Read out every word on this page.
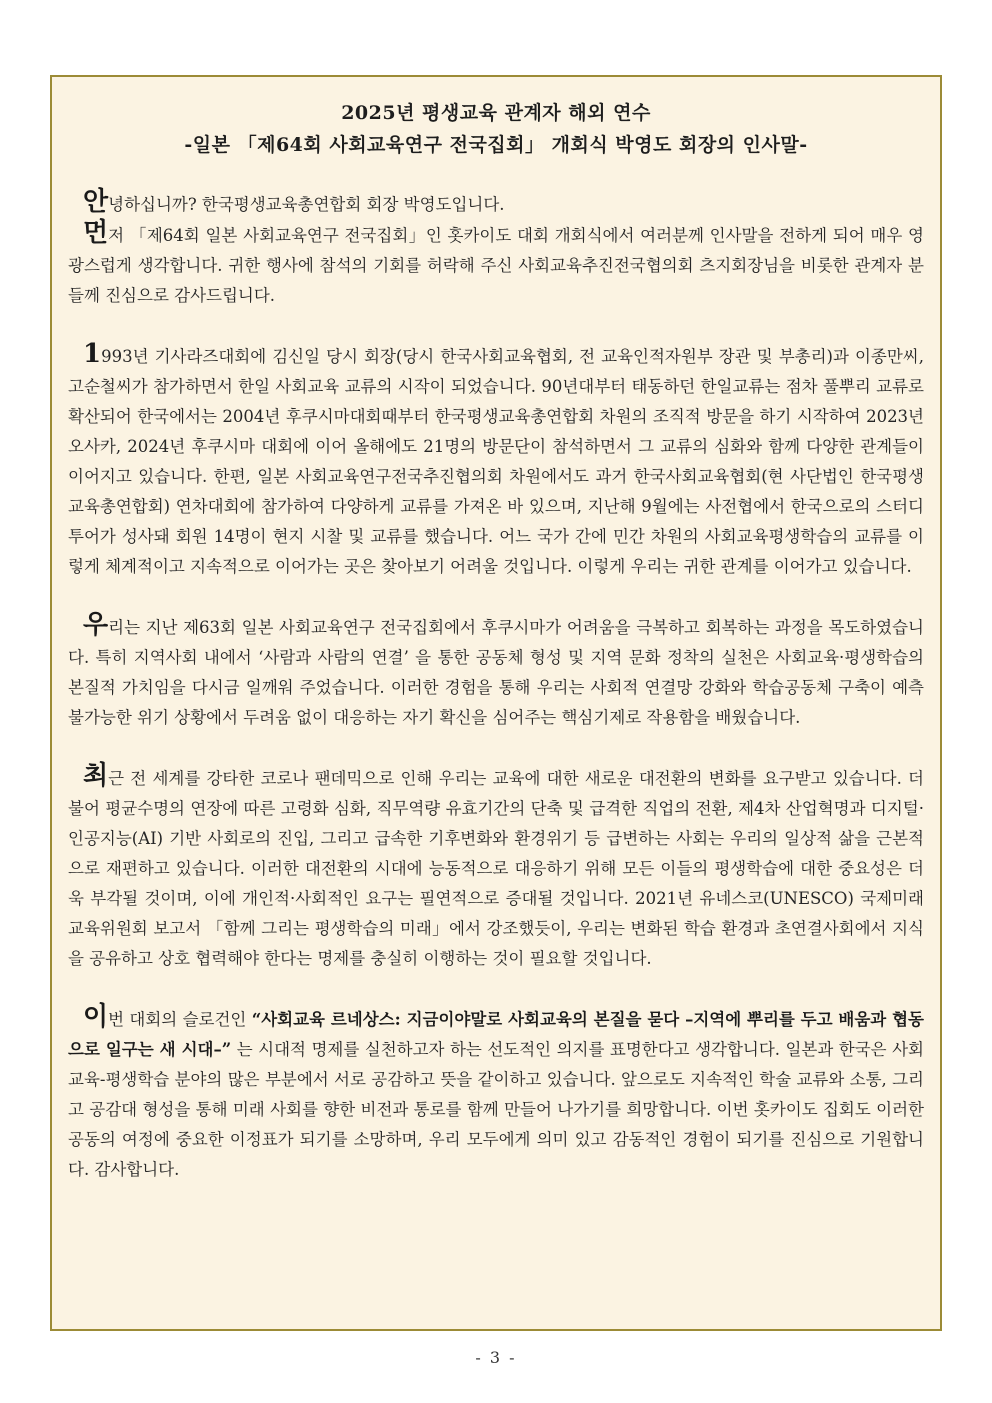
2025년 평생교육 관계자 해외 연수
-일본 「제64회 사회교육연구 전국집회」 개회식 박영도 회장의 인사말-

안녕하십니까? 한국평생교육총연합회 회장 박영도입니다.

먼저 「제64회 일본 사회교육연구 전국집회」인 홋카이도 대회 개회식에서 여러분께 인사말을 전하게 되어 매우 영광스럽게 생각합니다. 귀한 행사에 참석의 기회를 허락해 주신 사회교육추진전국협의회 츠지회장님을 비롯한 관계자 분들께 진심으로 감사드립니다.

1993년 기사라즈대회에 김신일 당시 회장(당시 한국사회교육협회, 전 교육인적자원부 장관 및 부총리)과 이종만씨, 고순철씨가 참가하면서 한일 사회교육 교류의 시작이 되었습니다. 90년대부터 태동하던 한일교류는 점차 풀뿌리 교류로 확산되어 한국에서는 2004년 후쿠시마대회때부터 한국평생교육총연합회 차원의 조직적 방문을 하기 시작하여 2023년 오사카, 2024년 후쿠시마 대회에 이어 올해에도 21명의 방문단이 참석하면서 그 교류의 심화와 함께 다양한 관계들이 이어지고 있습니다. 한편, 일본 사회교육연구전국추진협의회 차원에서도 과거 한국사회교육협회(현 사단법인 한국평생교육총연합회) 연차대회에 참가하여 다양하게 교류를 가져온 바 있으며, 지난해 9월에는 사전협에서 한국으로의 스터디투어가 성사돼 회원 14명이 현지 시찰 및 교류를 했습니다. 어느 국가 간에 민간 차원의 사회교육평생학습의 교류를 이렇게 체계적이고 지속적으로 이어가는 곳은 찾아보기 어려울 것입니다. 이렇게 우리는 귀한 관계를 이어가고 있습니다.

우리는 지난 제63회 일본 사회교육연구 전국집회에서 후쿠시마가 어려움을 극복하고 회복하는 과정을 목도하였습니다. 특히 지역사회 내에서 ‘사람과 사람의 연결’ 을 통한 공동체 형성 및 지역 문화 정착의 실천은 사회교육·평생학습의 본질적 가치임을 다시금 일깨워 주었습니다. 이러한 경험을 통해 우리는 사회적 연결망 강화와 학습공동체 구축이 예측 불가능한 위기 상황에서 두려움 없이 대응하는 자기 확신을 심어주는 핵심기제로 작용함을 배웠습니다.

최근 전 세계를 강타한 코로나 팬데믹으로 인해 우리는 교육에 대한 새로운 대전환의 변화를 요구받고 있습니다. 더불어 평균수명의 연장에 따른 고령화 심화, 직무역량 유효기간의 단축 및 급격한 직업의 전환, 제4차 산업혁명과 디지털·인공지능(AI) 기반 사회로의 진입, 그리고 급속한 기후변화와 환경위기 등 급변하는 사회는 우리의 일상적 삶을 근본적으로 재편하고 있습니다. 이러한 대전환의 시대에 능동적으로 대응하기 위해 모든 이들의 평생학습에 대한 중요성은 더욱 부각될 것이며, 이에 개인적·사회적인 요구는 필연적으로 증대될 것입니다. 2021년 유네스코(UNESCO) 국제미래교육위원회 보고서 「함께 그리는 평생학습의 미래」에서 강조했듯이, 우리는 변화된 학습 환경과 초연결사회에서 지식을 공유하고 상호 협력해야 한다는 명제를 충실히 이행하는 것이 필요할 것입니다.

이번 대회의 슬로건인 “사회교육 르네상스: 지금이야말로 사회교육의 본질을 묻다 –지역에 뿌리를 두고 배움과 협동으로 일구는 새 시대–” 는 시대적 명제를 실천하고자 하는 선도적인 의지를 표명한다고 생각합니다. 일본과 한국은 사회교육-평생학습 분야의 많은 부분에서 서로 공감하고 뜻을 같이하고 있습니다. 앞으로도 지속적인 학술 교류와 소통, 그리고 공감대 형성을 통해 미래 사회를 향한 비전과 통로를 함께 만들어 나가기를 희망합니다. 이번 홋카이도 집회도 이러한 공동의 여정에 중요한 이정표가 되기를 소망하며, 우리 모두에게 의미 있고 감동적인 경험이 되기를 진심으로 기원합니다. 감사합니다.

- 3 -
